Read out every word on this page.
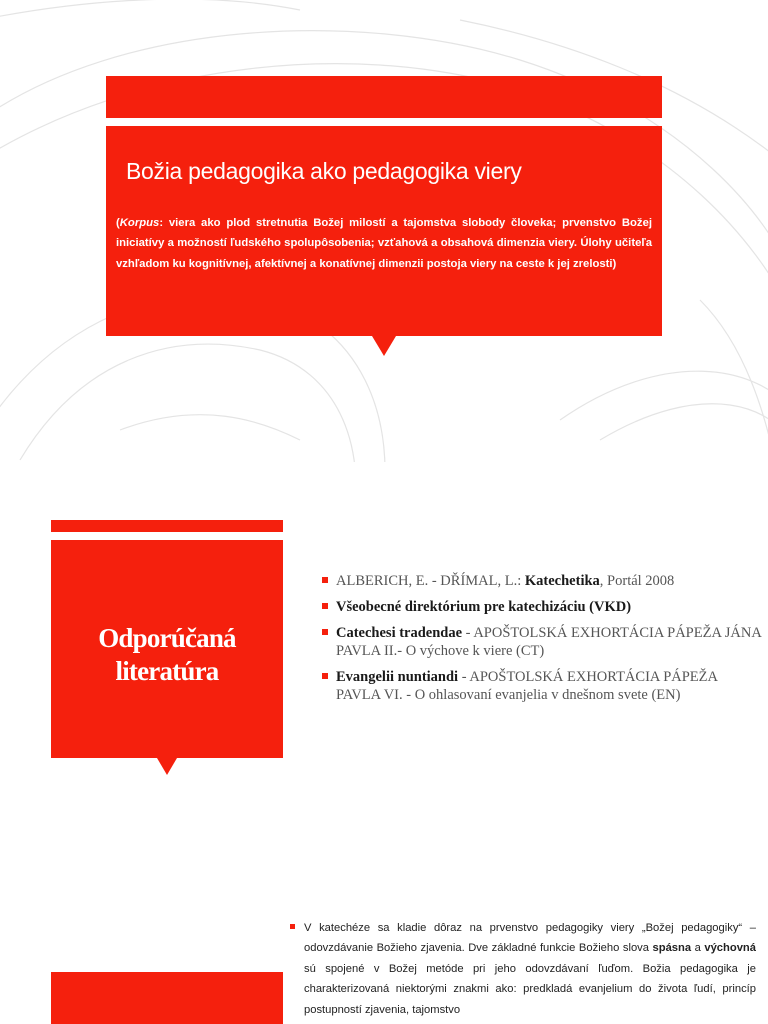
Božia pedagogika ako pedagogika viery
(Korpus: viera ako plod stretnutia Božej milostí a tajomstva slobody človeka; prvenstvo Božej iniciatívy a možností ľudského spolupôsobenia; vzťahová a obsahová dimenzia viery. Úlohy učiteľa vzhľadom ku kognitívnej, afektívnej a konatívnej dimenzii postoja viery na ceste k jej zrelosti)
Odporúčaná
literatúra
ALBERICH, E. - DŘÍMAL, L.: Katechetika, Portál 2008
Všeobecné direktórium pre katechizáciu (VKD)
Catechesi tradendae - APOŠTOLSKÁ EXHORTÁCIA PÁPEŽA JÁNA PAVLA II.- O výchove k viere (CT)
Evangelii nuntiandi - APOŠTOLSKÁ EXHORTÁCIA PÁPEŽA PAVLA VI. - O ohlasovaní evanjelia v dnešnom svete (EN)
V katechéze sa kladie dôraz na prvenstvo pedagogiky viery „Božej pedagogiky“ – odovzdávanie Božieho zjavenia. Dve základné funkcie Božieho slova spásna a výchovná sú spojené v Božej metóde pri jeho odovzdávaní ľuďom. Božia pedagogika je charakterizovaná niektorými znakmi ako: predkladá evanjelium do života ľudí, princíp postupností zjavenia, tajomstvo
